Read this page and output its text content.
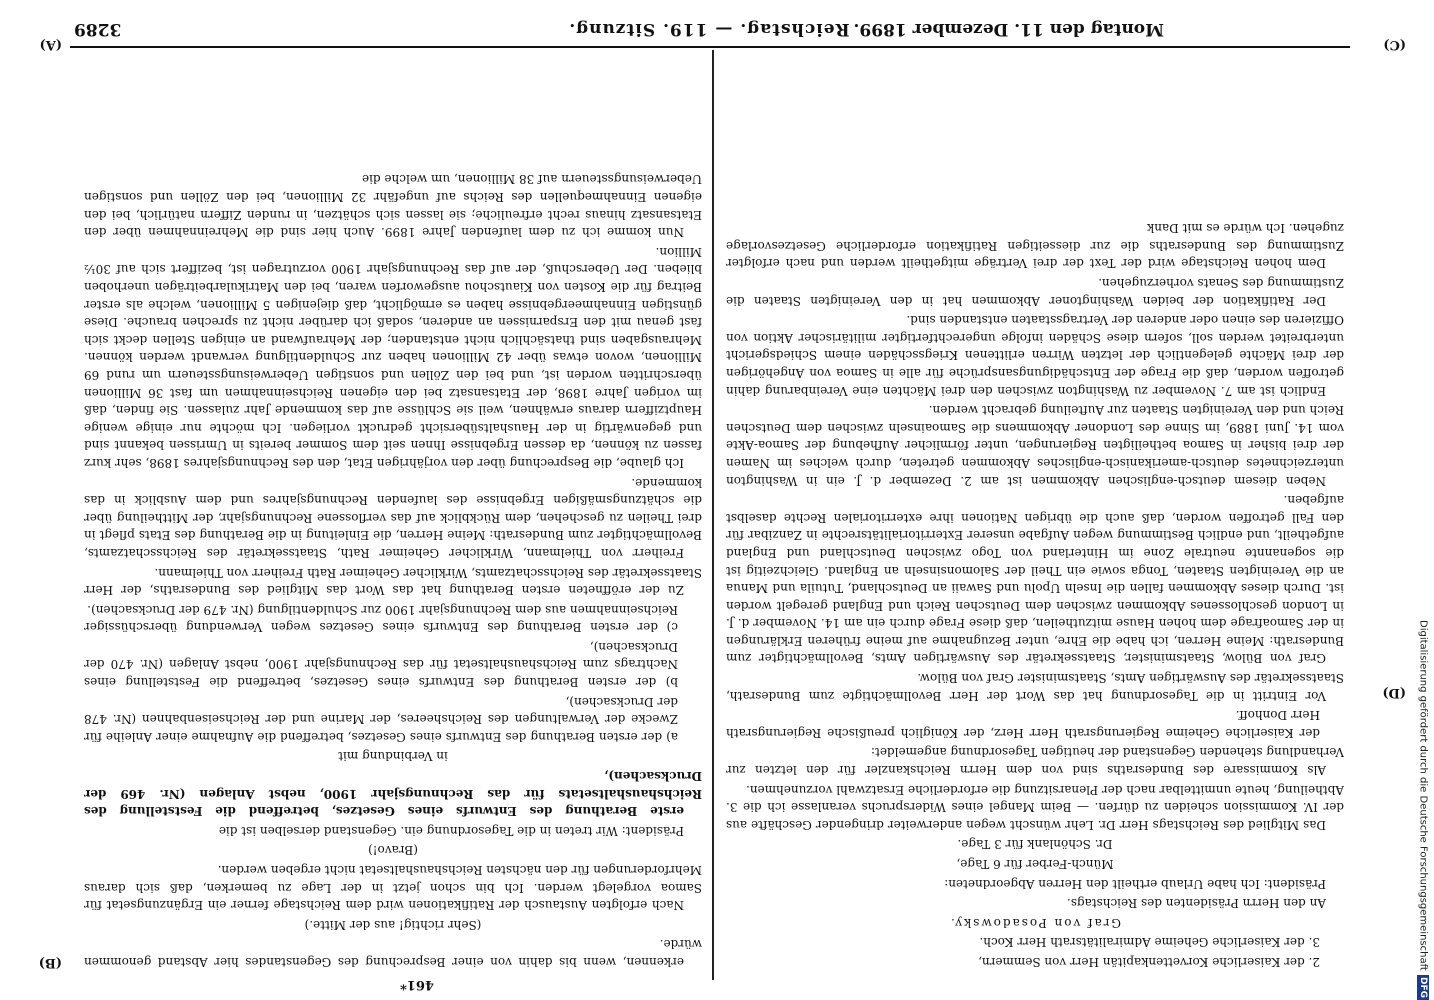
Montag den 11. Dezember 1899.
Reichstag. — 119. Sitzung.
3289
(A)
(B)
(C)
(D)

2. der Kaiserliche Korvettenkapitän Herr von Semmern,

3. der Kaiserliche Geheime Admiralitätsrath Herr Koch.

Graf von Posadowsky.

An den Herrn Präsidenten des Reichstags.

Präsident: Ich habe Urlaub ertheilt den Herren Abgeordneten:

Münch-Ferber für 6 Tage,

Dr. Schönlank für 3 Tage.

Das Mitglied des Reichstags Herr Dr. Lehr wünscht wegen anderweiter dringender Geschäfte aus der IV. Kommission scheiden zu dürfen. — Beim Mangel eines Widerspruchs veranlasse ich die 3. Abtheilung, heute unmittelbar nach der Plenarsitzung die erforderliche Ersatzwahl vorzunehmen.

Als Kommissare des Bundesraths sind von dem Herrn Reichskanzler für den letzten zur Verhandlung stehenden Gegenstand der heutigen Tagesordnung angemeldet:

der Kaiserliche Geheime Regierungsrath Herr Herz, der Königlich preußische Regierungsrath Herr Donhoff.

Vor Eintritt in die Tagesordnung hat das Wort der Herr Bevollmächtigte zum Bundesrath, Staatssekretär des Auswärtigen Amts, Staatsminister Graf von Bülow.

Graf von Bülow, Staatsminister, Staatssekretär des Auswärtigen Amts, Bevollmächtigter zum Bundesrath: Meine Herren, ich habe die Ehre, unter Bezugnahme auf meine früheren Erklärungen in der Samoafrage dem hohen Hause mitzutheilen, daß diese Frage durch ein am 14. November d. J. in London geschlossenes Abkommen zwischen dem Deutschen Reich und England geregelt worden ist. Durch dieses Abkommen fallen die Inseln Upolu und Sawaii an Deutschland, Tutuila und Manua an die Vereinigten Staaten, Tonga sowie ein Theil der Salomonsinseln an England. Gleichzeitig ist die sogenannte neutrale Zone im Hinterland von Togo zwischen Deutschland und England aufgetheilt, und endlich Bestimmung wegen Aufgabe unserer Exterritorialitätsrechte in Zanzibar für den Fall getroffen worden, daß auch die übrigen Nationen ihre exterritorialen Rechte daselbst aufgeben.

Neben diesem deutsch-englischen Abkommen ist am 2. Dezember d. J. ein in Washington unterzeichnetes deutsch-amerikanisch-englisches Abkommen getreten, durch welches im Namen der drei bisher in Samoa betheiligten Regierungen, unter förmlicher Aufhebung der Samoa-Akte vom 14. Juni 1889, im Sinne des Londoner Abkommens die Samoainseln zwischen dem Deutschen Reich und den Vereinigten Staaten zur Aufteilung gebracht werden.

Endlich ist am 7. November zu Washington zwischen den drei Mächten eine Vereinbarung dahin getroffen worden, daß die Frage der Entschädigungsansprüche für alle in Samoa von Angehörigen der drei Mächte gelegentlich der letzten Wirren erlittenen Kriegsschäden einem Schiedsgericht unterbreitet werden soll, sofern diese Schäden infolge ungerechtfertigter militärischer Aktion von Offizieren des einen oder anderen der Vertragsstaaten entstanden sind.

Der Ratifikation der beiden Washingtoner Abkommen hat in den Vereinigten Staaten die Zustimmung des Senats vorherzugehen.

Dem hohen Reichstage wird der Text der drei Verträge mitgetheilt werden und nach erfolgter Zustimmung des Bundesraths die zur diesseitigen Ratifikation erforderliche Gesetzesvorlage zugehen. Ich würde es mit Dank

erkennen, wenn bis dahin von einer Besprechung des Gegenstandes hier Abstand genommen würde.

(Sehr richtig! aus der Mitte.)

Nach erfolgten Austausch der Ratifikationen wird dem Reichstage ferner ein Ergänzungsetat für Samoa vorgelegt werden. Ich bin schon jetzt in der Lage zu bemerken, daß sich daraus Mehrforderungen für den nächsten Reichshaushaltsetat nicht ergeben werden.

(Bravo!)

Präsident: Wir treten in die Tagesordnung ein. Gegenstand derselben ist die

erste Berathung des Entwurfs eines Gesetzes, betreffend die Feststellung des Reichshaushaltsetats für das Rechnungsjahr 1900, nebst Anlagen (Nr. 469 der Drucksachen),

in Verbindung mit

a) der ersten Berathung des Entwurfs eines Gesetzes, betreffend die Aufnahme einer Anleihe für Zwecke der Verwaltungen des Reichsheeres, der Marine und der Reichseisenbahnen (Nr. 478 der Drucksachen),

b) der ersten Berathung des Entwurfs eines Gesetzes, betreffend die Feststellung eines Nachtrags zum Reichshaushaltsetat für das Rechnungsjahr 1900, nebst Anlagen (Nr. 470 der Drucksachen),

c) der ersten Berathung des Entwurfs eines Gesetzes wegen Verwendung überschüssiger Reichseinnahmen aus dem Rechnungsjahr 1900 zur Schuldentilgung (Nr. 479 der Drucksachen).

Zu der eröffneten ersten Berathung hat das Wort das Mitglied des Bundesraths, der Herr Staatssekretär des Reichsschatzamts, Wirklicher Geheimer Rath Freiherr von Thielmann.

Freiherr von Thielmann, Wirklicher Geheimer Rath, Staatssekretär des Reichsschatzamts, Bevollmächtigter zum Bundesrath: Meine Herren, die Einleitung in die Berathung des Etats pflegt in drei Theilen zu geschehen, dem Rückblick auf das verflossene Rechnungsjahr, der Mittheilung über die schätzungsmäßigen Ergebnisse des laufenden Rechnungsjahres und dem Ausblick in das kommende.

Ich glaube, die Besprechung über den vorjährigen Etat, den des Rechnungsjahres 1898, sehr kurz fassen zu können, da dessen Ergebnisse Ihnen seit dem Sommer bereits in Umrissen bekannt sind und gegenwärtig in der Haushaltsübersicht gedruckt vorliegen. Ich möchte nur einige wenige Hauptziffern daraus erwähnen, weil sie Schlüsse auf das kommende Jahr zulassen. Sie finden, daß im vorigen Jahre 1898, der Etatsansatz bei den eigenen Reichseinnahmen um fast 36 Millionen überschritten worden ist, und bei den Zöllen und sonstigen Ueberweisungssteuern um rund 69 Millionen, wovon etwas über 42 Millionen haben zur Schuldentilgung verwandt werden können. Mehrausgaben sind thatsächlich nicht entstanden; der Mehraufwand an einigen Stellen deckt sich fast genau mit den Ersparnissen an anderen, sodaß ich darüber nicht zu sprechen brauche. Diese günstigen Einnahmeergebnisse haben es ermöglicht, daß diejenigen 5 Millionen, welche als erster Beitrag für die Kosten von Kiautschou ausgeworfen waren, bei den Matrikularbeiträgen unerhoben blieben. Der Ueberschuß, der auf das Rechnungsjahr 1900 vorzutragen ist, beziffert sich auf 30½ Million.

Nun komme ich zu dem laufenden Jahre 1899. Auch hier sind die Mehreinnahmen über den Etatsansatz hinaus recht erfreuliche; sie lassen sich schätzen, in runden Ziffern natürlich, bei den eigenen Einnahmequellen des Reichs auf ungefähr 32 Millionen, bei den Zöllen und sonstigen Ueberweisungssteuern auf 38 Millionen, um welche die

461*
Digitalisierung gefördert durch die Deutsche Forschungsgemeinschaft
DFG
